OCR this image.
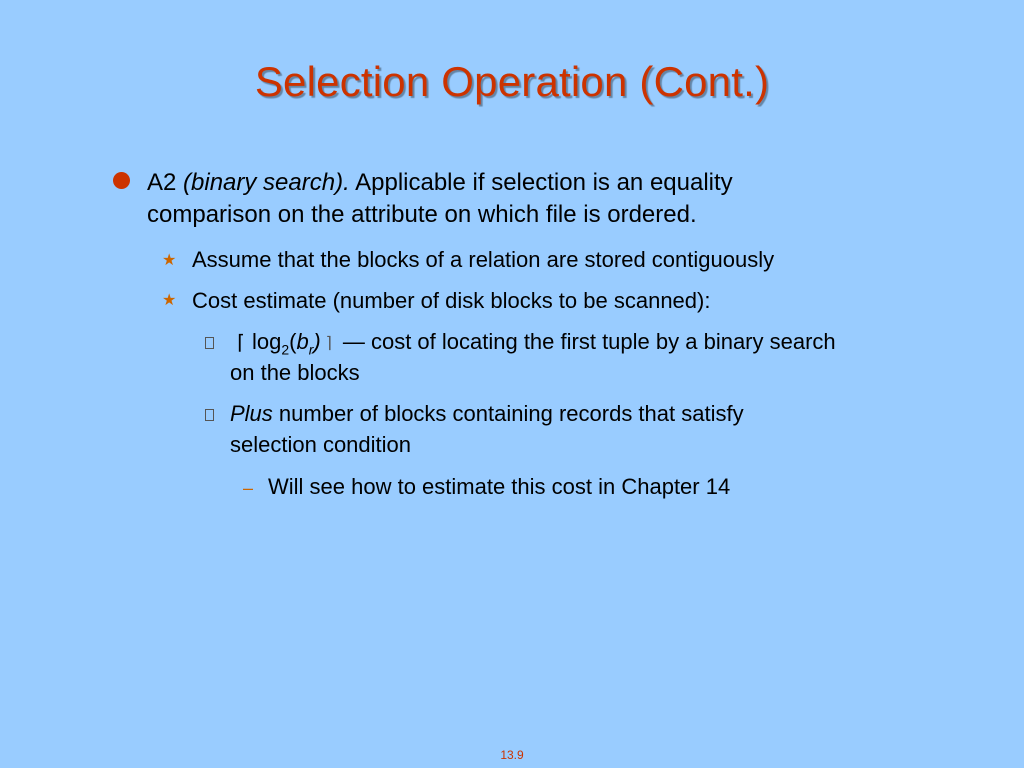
Selection Operation (Cont.)
A2 (binary search). Applicable if selection is an equality
comparison on the attribute on which file is ordered.
★ Assume that the blocks of a relation are stored contiguously
★ Cost estimate (number of disk blocks to be scanned):
⌈ $\log_2(b_r)$ ⌉ — cost of locating the first tuple by a binary search
on the blocks
Plus number of blocks containing records that satisfy
selection condition
– Will see how to estimate this cost in Chapter 14
13.9
